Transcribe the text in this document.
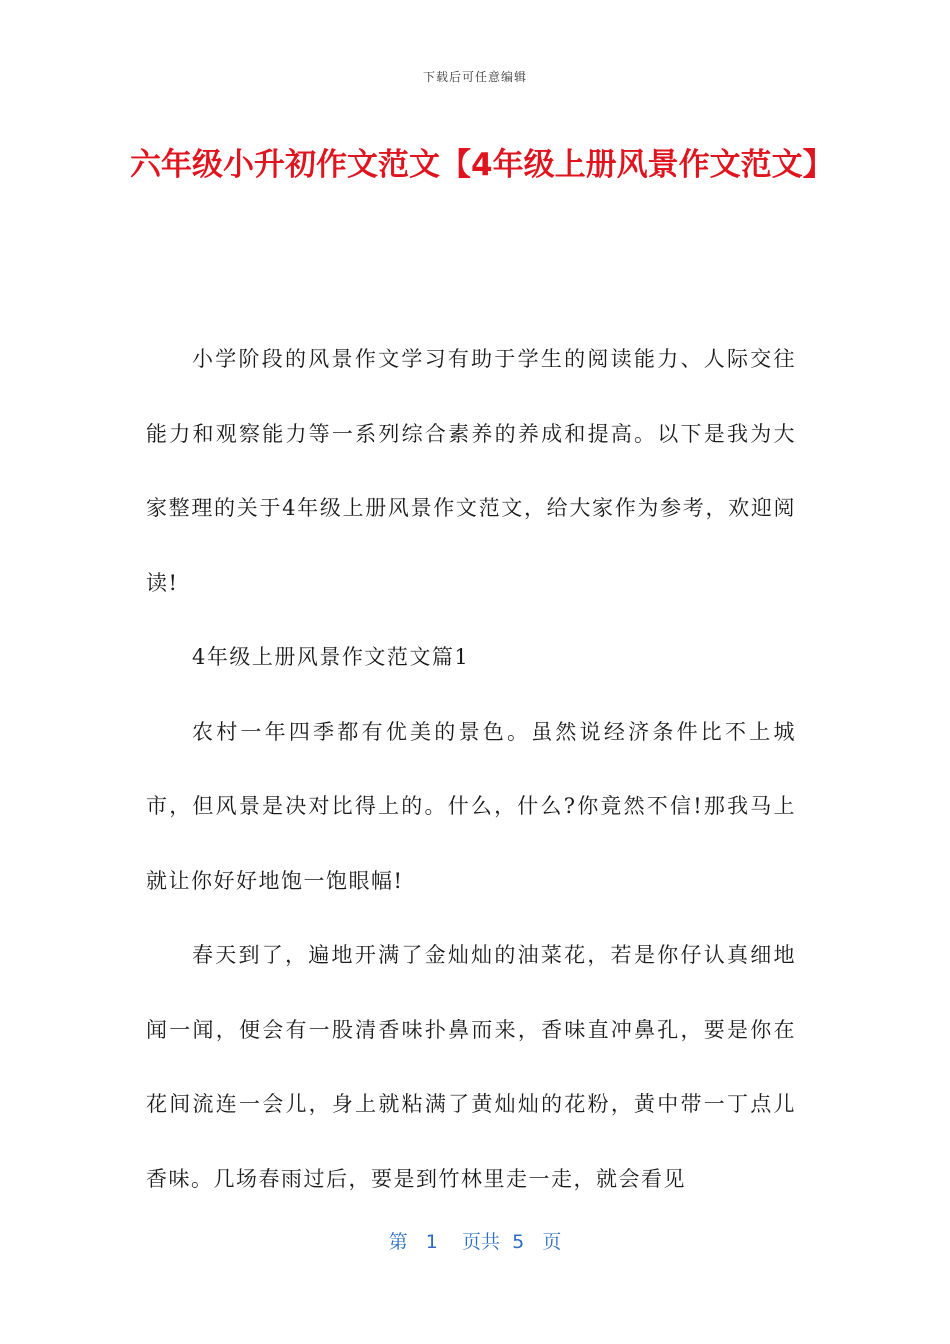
下载后可任意编辑
六年级小升初作文范文【4年级上册风景作文范文】

小学阶段的风景作文学习有助于学生的阅读能力、人际交往能力和观察能力等一系列综合素养的养成和提高。以下是我为大家整理的关于4年级上册风景作文范文，给大家作为参考，欢迎阅读!

4年级上册风景作文范文篇1

农村一年四季都有优美的景色。虽然说经济条件比不上城市，但风景是决对比得上的。什么，什么?你竟然不信!那我马上就让你好好地饱一饱眼幅!

春天到了，遍地开满了金灿灿的油菜花，若是你仔认真细地闻一闻，便会有一股清香味扑鼻而来，香味直冲鼻孔，要是你在花间流连一会儿，身上就粘满了黄灿灿的花粉，黄中带一丁点儿香味。几场春雨过后，要是到竹林里走一走，就会看见

第 1 页共 5 页
